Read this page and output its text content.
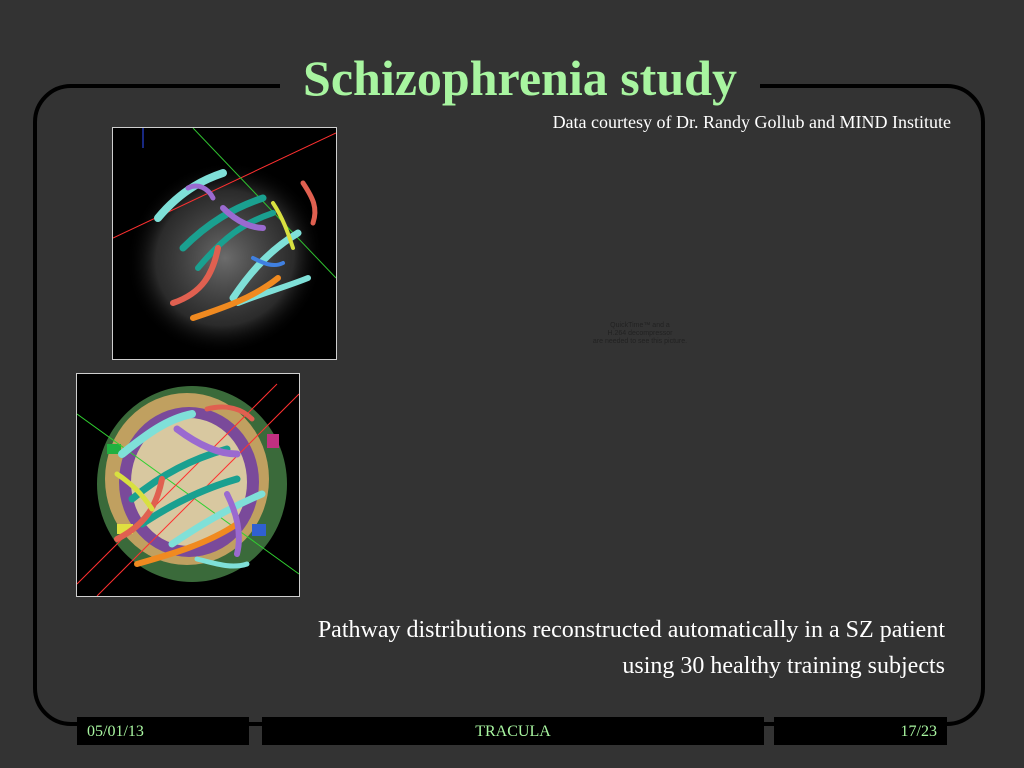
Schizophrenia study
Data courtesy of Dr. Randy Gollub and MIND Institute
QuickTime™ and a
H.264 decompressor
are needed to see this picture.
Pathway distributions reconstructed automatically in a SZ patient
using 30 healthy training subjects
05/01/13	TRACULA	17/23
